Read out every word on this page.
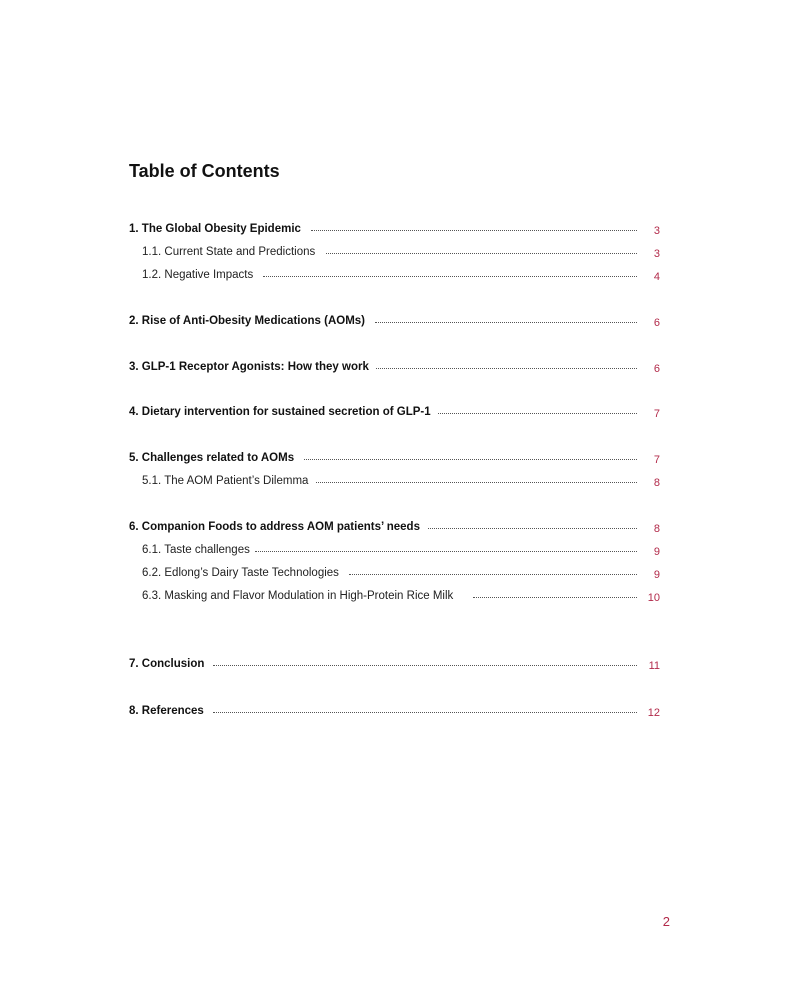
Table of Contents
1. The Global Obesity Epidemic	3
1.1. Current State and Predictions	3
1.2. Negative Impacts	4
2. Rise of Anti-Obesity Medications (AOMs)	6
3. GLP-1 Receptor Agonists: How they work	6
4. Dietary intervention for sustained secretion of GLP-1	7
5. Challenges related to AOMs	7
5.1. The AOM Patient’s Dilemma	8
6. Companion Foods to address AOM patients’ needs	8
6.1. Taste challenges	9
6.2. Edlong’s Dairy Taste Technologies	9
6.3. Masking and Flavor Modulation in High-Protein Rice Milk	10
7. Conclusion	11
8. References	12
2
